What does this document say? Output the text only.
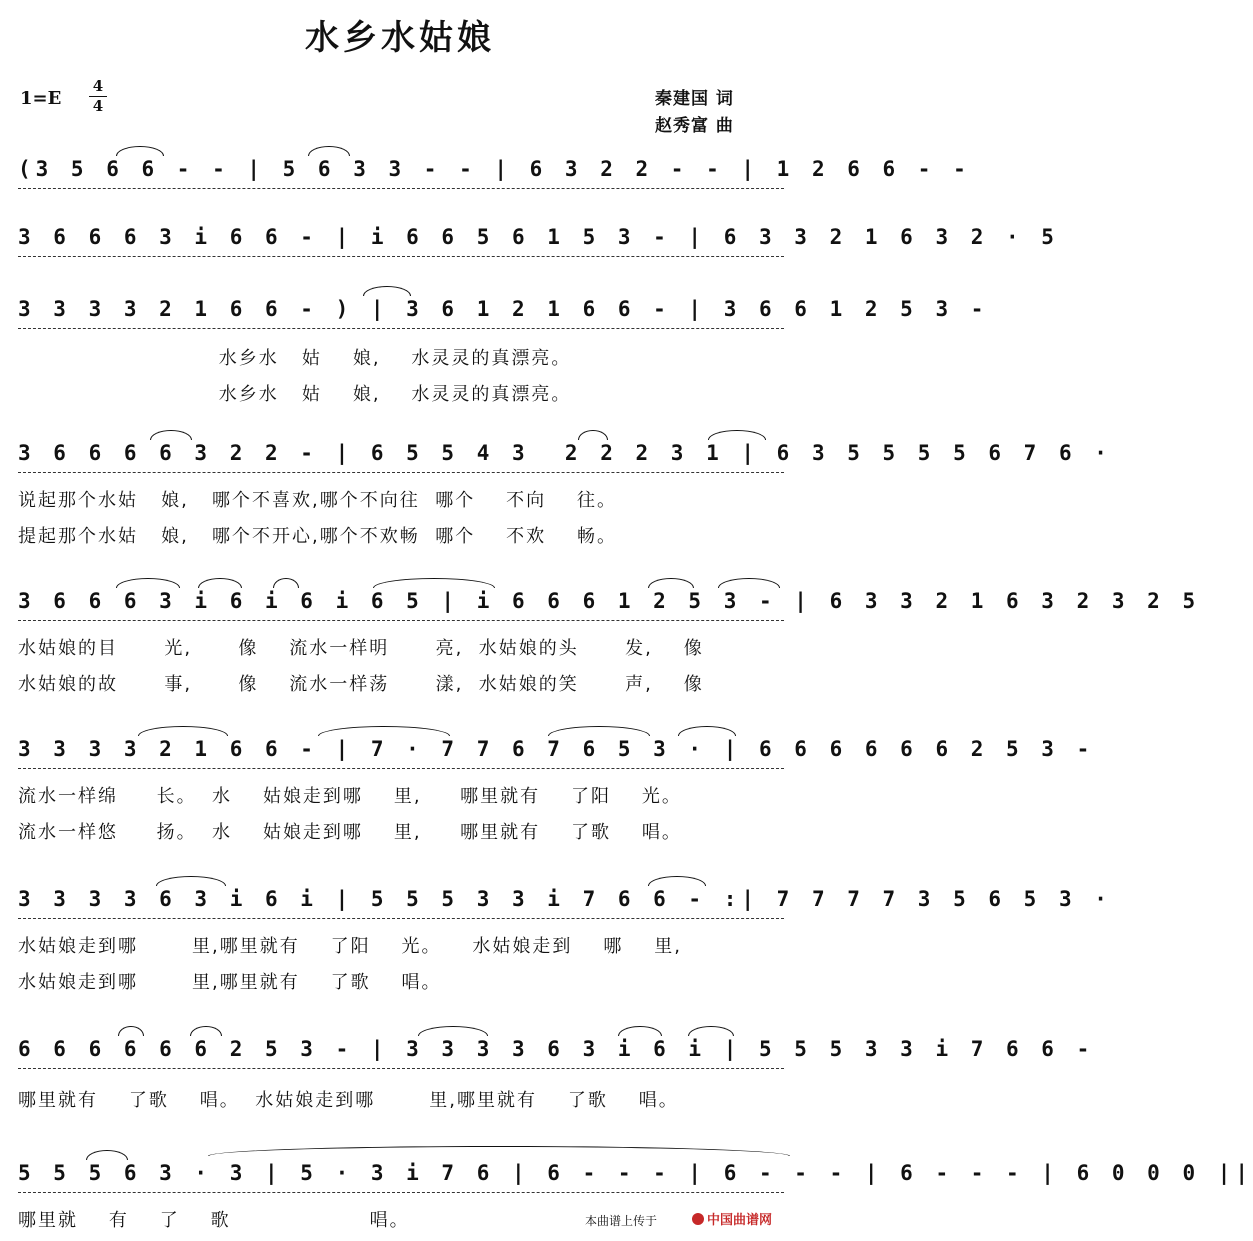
水乡水姑娘
1=E
4
4	秦建国 词
赵秀富 曲
(3 5 6 6 - - | 5 6 3 3 - - | 6 3 2 2 - - | 1 2 6 6 - -
3 6 6 6 3 i 6 6 - | i 6 6 5 6 1 5 3 - | 6 3 3 2 1 6 3 2 · 5
3 3 3 3 2 1 6 6 - ) | 3 6 1 2 1 6 6 - | 3 6 6 1 2 5 3 -
3 6 6 6 6 3 2 2 - | 6 5 5 4 3  2 2 2 3 1 | 6 3 5 5 5 5 6 7 6 ·
3 6 6 6 3 i 6 i 6 i 6 5 | i 6 6 6 1 2 5 3 - | 6 3 3 2 1 6 3 2 3 2 5
3 3 3 3 2 1 6 6 - | 7 · 7 7 6 7 6 5 3 · | 6 6 6 6 6 6 2 5 3 -
3 3 3 3 6 3 i 6 i | 5 5 5 3 3 i 7 6 6 - :| 7 7 7 7 3 5 6 5 3 ·
6 6 6 6 6 6 2 5 3 - | 3 3 3 3 6 3 i 6 i | 5 5 5 3 3 i 7 6 6 -
5 5 5 6 3 · 3 | 5 · 3 i 7 6 | 6 - - - | 6 - - - | 6 - - - | 6 0 0 0 ||
水乡水   姑    娘,    水灵灵的真漂亮。
水乡水   姑    娘,    水灵灵的真漂亮。
说起那个水姑   娘,   哪个不喜欢,哪个不向往  哪个    不向    往。
提起那个水姑   娘,   哪个不开心,哪个不欢畅  哪个    不欢    畅。
水姑娘的目      光,      像    流水一样明      亮,  水姑娘的头      发,    像
水姑娘的故      事,      像    流水一样荡      漾,  水姑娘的笑      声,    像
流水一样绵     长。  水    姑娘走到哪    里,     哪里就有    了阳    光。
流水一样悠     扬。  水    姑娘走到哪    里,     哪里就有    了歌    唱。
水姑娘走到哪       里,哪里就有    了阳    光。    水姑娘走到    哪    里,
水姑娘走到哪       里,哪里就有    了歌    唱。
哪里就有    了歌    唱。  水姑娘走到哪       里,哪里就有    了歌    唱。
哪里就    有    了    歌                  唱。	本曲谱上传于	中国曲谱网
